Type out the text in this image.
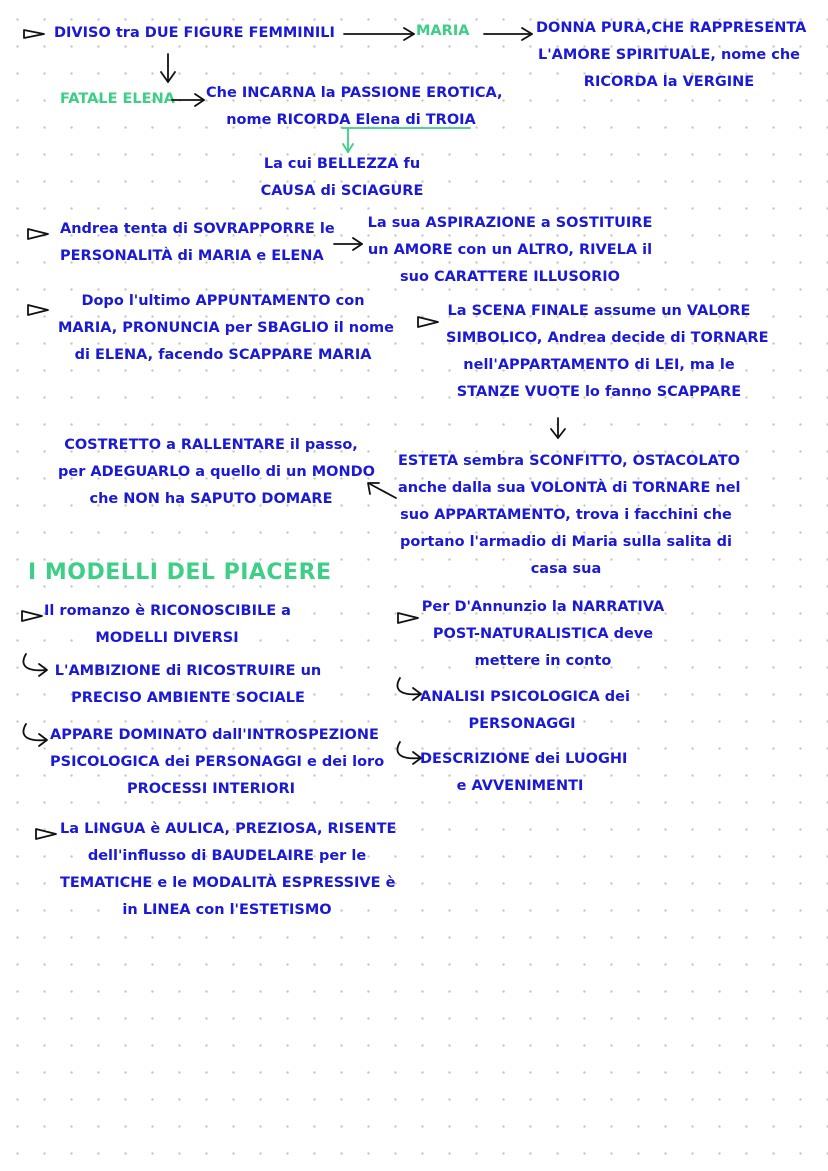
DIVISO tra DUE FIGURE FEMMINILI	MARIA	DONNA PURA,CHE RAPPRESENTA

L'AMORE SPIRITUALE, nome che

RICORDA la VERGINE

FATALE ELENA Che INCARNA la PASSIONE EROTICA,

nome RICORDA Elena di TROIA

La cui BELLEZZA fu

CAUSA di SCIAGURE

Andrea tenta di SOVRAPPORRE le

PERSONALITÀ di MARIA e ELENA

La sua ASPIRAZIONE a SOSTITUIRE

un AMORE con un ALTRO, RIVELA il

suo CARATTERE ILLUSORIO

Dopo l'ultimo APPUNTAMENTO con

MARIA, PRONUNCIA per SBAGLIO il nome

di ELENA, facendo SCAPPARE MARIA

La SCENA FINALE assume un VALORE

SIMBOLICO, Andrea decide di TORNARE

nell'APPARTAMENTO di LEI, ma le

STANZE VUOTE lo fanno SCAPPARE

COSTRETTO a RALLENTARE il passo,

per ADEGUARLO a quello di un MONDO

che NON ha SAPUTO DOMARE

ESTETA sembra SCONFITTO, OSTACOLATO

anche dalla sua VOLONTÀ di TORNARE nel

suo APPARTAMENTO, trova i facchini che

portano l'armadio di Maria sulla salita di

casa sua

I MODELLI DEL PIACERE

Il romanzo è RICONOSCIBILE a

MODELLI DIVERSI

L'AMBIZIONE di RICOSTRUIRE un

PRECISO AMBIENTE SOCIALE

APPARE DOMINATO dall'INTROSPEZIONE

PSICOLOGICA dei PERSONAGGI e dei loro

PROCESSI INTERIORI

La LINGUA è AULICA, PREZIOSA, RISENTE

dell'influsso di BAUDELAIRE per le

TEMATICHE e le MODALITÀ ESPRESSIVE è

in LINEA con l'ESTETISMO

Per D'Annunzio la NARRATIVA

POST-NATURALISTICA deve

mettere in conto

ANALISI PSICOLOGICA dei

PERSONAGGI

DESCRIZIONE dei LUOGHI

e AVVENIMENTI
